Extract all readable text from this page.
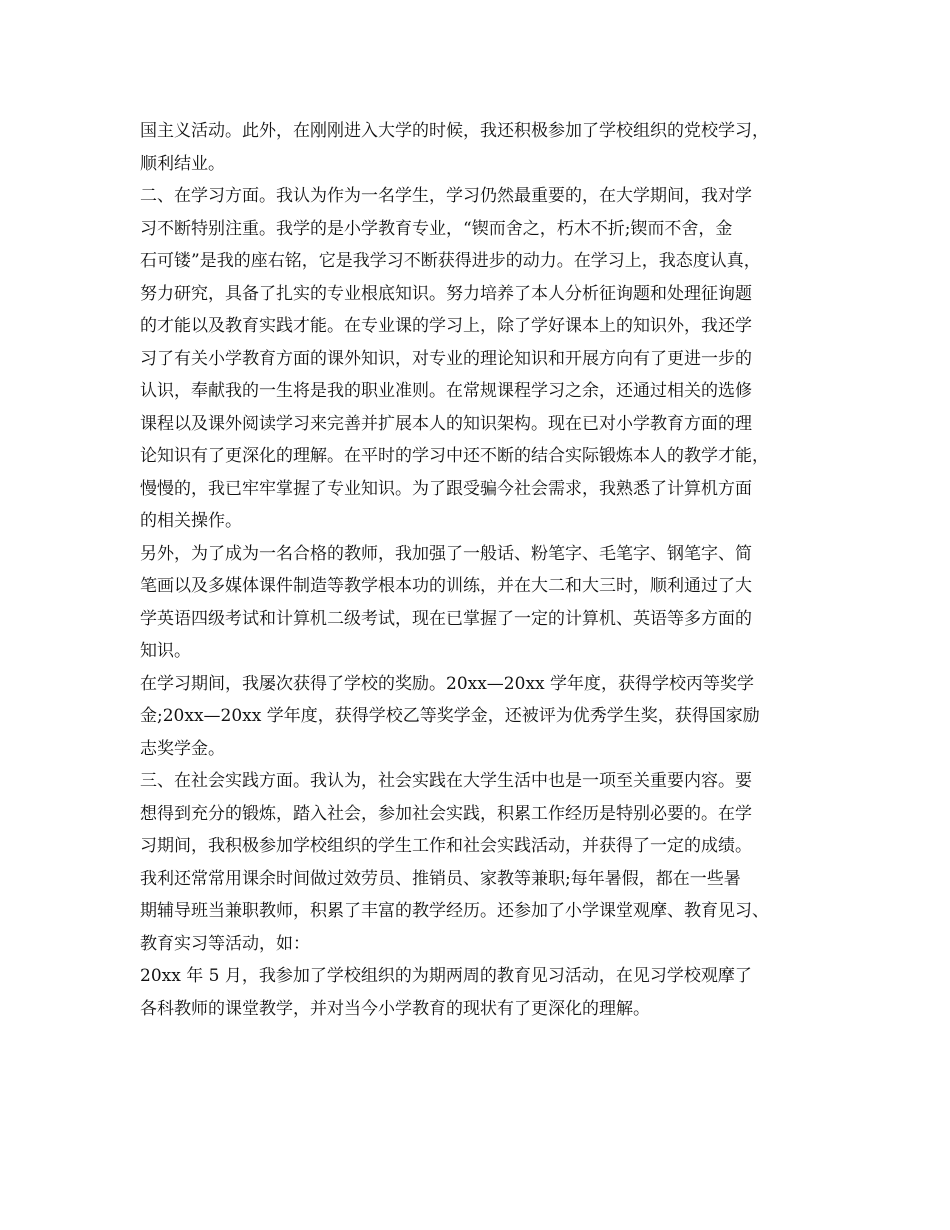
国主义活动。此外，在刚刚进入大学的时候，我还积极参加了学校组织的党校学习，
顺利结业。
二、在学习方面。我认为作为一名学生，学习仍然最重要的，在大学期间，我对学
习不断特别注重。我学的是小学教育专业，“锲而舍之，朽木不折;锲而不舍，金
石可镂”是我的座右铭，它是我学习不断获得进步的动力。在学习上，我态度认真，
努力研究，具备了扎实的专业根底知识。努力培养了本人分析征询题和处理征询题
的才能以及教育实践才能。在专业课的学习上，除了学好课本上的知识外，我还学
习了有关小学教育方面的课外知识，对专业的理论知识和开展方向有了更进一步的
认识，奉献我的一生将是我的职业准则。在常规课程学习之余，还通过相关的选修
课程以及课外阅读学习来完善并扩展本人的知识架构。现在已对小学教育方面的理
论知识有了更深化的理解。在平时的学习中还不断的结合实际锻炼本人的教学才能，
慢慢的，我已牢牢掌握了专业知识。为了跟受骗今社会需求，我熟悉了计算机方面
的相关操作。
另外，为了成为一名合格的教师，我加强了一般话、粉笔字、毛笔字、钢笔字、简
笔画以及多媒体课件制造等教学根本功的训练，并在大二和大三时，顺利通过了大
学英语四级考试和计算机二级考试，现在已掌握了一定的计算机、英语等多方面的
知识。
在学习期间，我屡次获得了学校的奖励。20xx—20xx 学年度，获得学校丙等奖学
金;20xx—20xx 学年度，获得学校乙等奖学金，还被评为优秀学生奖，获得国家励
志奖学金。
三、在社会实践方面。我认为，社会实践在大学生活中也是一项至关重要内容。要
想得到充分的锻炼，踏入社会，参加社会实践，积累工作经历是特别必要的。在学
习期间，我积极参加学校组织的学生工作和社会实践活动，并获得了一定的成绩。
我利还常常用课余时间做过效劳员、推销员、家教等兼职;每年暑假，都在一些暑
期辅导班当兼职教师，积累了丰富的教学经历。还参加了小学课堂观摩、教育见习、
教育实习等活动，如：
20xx 年 5 月，我参加了学校组织的为期两周的教育见习活动，在见习学校观摩了
各科教师的课堂教学，并对当今小学教育的现状有了更深化的理解。
